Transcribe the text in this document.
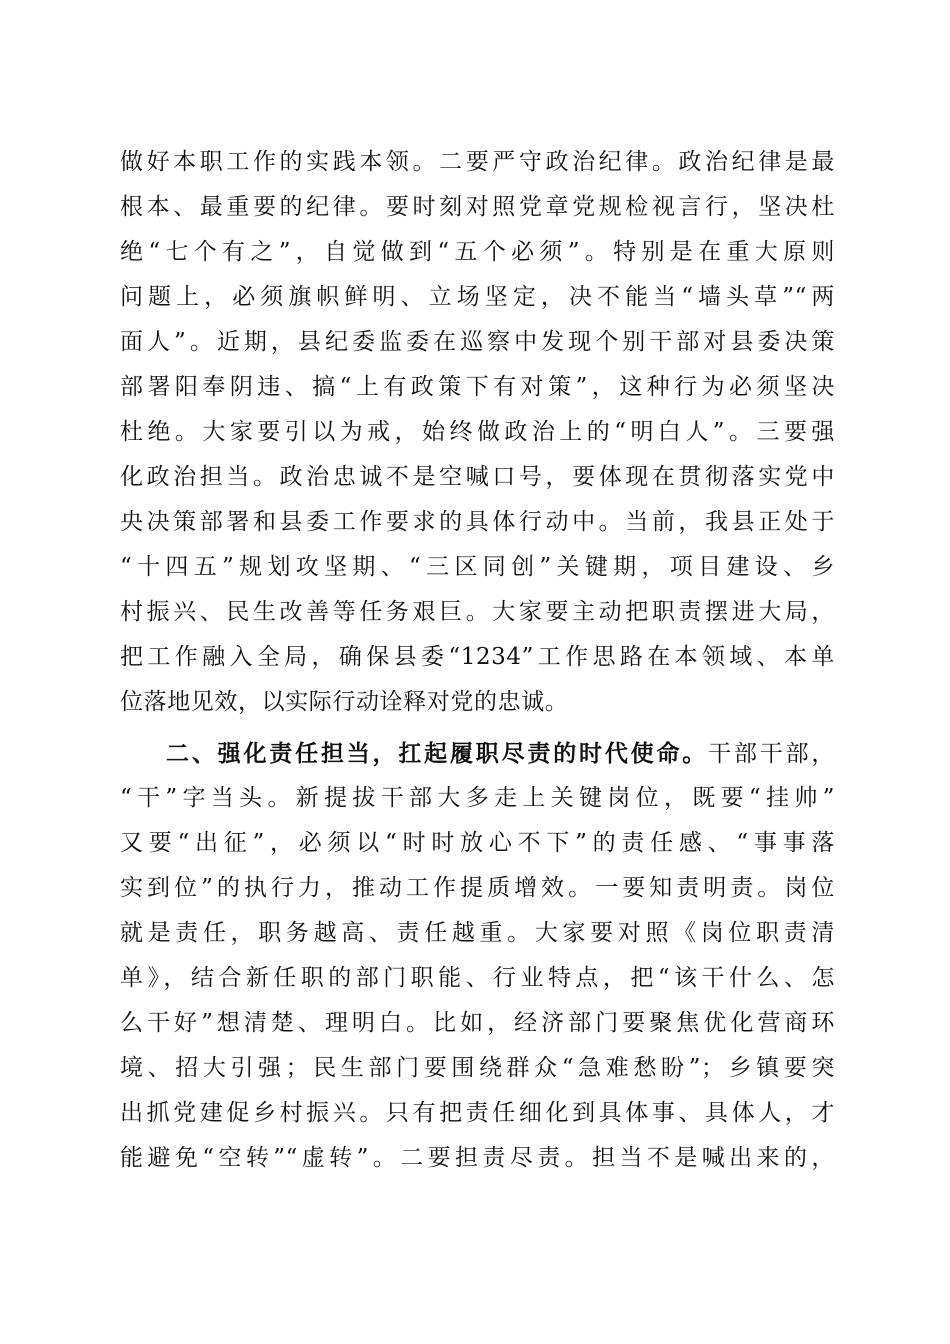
做好本职工作的实践本领。二要严守政治纪律。政治纪律是最
根本、最重要的纪律。要时刻对照党章党规检视言行，坚决杜
绝“七个有之”，自觉做到“五个必须”。特别是在重大原则
问题上，必须旗帜鲜明、立场坚定，决不能当“墙头草”“两
面人”。近期，县纪委监委在巡察中发现个别干部对县委决策
部署阳奉阴违、搞“上有政策下有对策”，这种行为必须坚决
杜绝。大家要引以为戒，始终做政治上的“明白人”。三要强
化政治担当。政治忠诚不是空喊口号，要体现在贯彻落实党中
央决策部署和县委工作要求的具体行动中。当前，我县正处于
“十四五”规划攻坚期、“三区同创”关键期，项目建设、乡
村振兴、民生改善等任务艰巨。大家要主动把职责摆进大局，
把工作融入全局，确保县委“1234”工作思路在本领域、本单
位落地见效，以实际行动诠释对党的忠诚。
二、强化责任担当，扛起履职尽责的时代使命。干部干部，
“干”字当头。新提拔干部大多走上关键岗位，既要“挂帅”
又要“出征”，必须以“时时放心不下”的责任感、“事事落
实到位”的执行力，推动工作提质增效。一要知责明责。岗位
就是责任，职务越高、责任越重。大家要对照《岗位职责清
单》，结合新任职的部门职能、行业特点，把“该干什么、怎
么干好”想清楚、理明白。比如，经济部门要聚焦优化营商环
境、招大引强；民生部门要围绕群众“急难愁盼”；乡镇要突
出抓党建促乡村振兴。只有把责任细化到具体事、具体人，才
能避免“空转”“虚转”。二要担责尽责。担当不是喊出来的，
